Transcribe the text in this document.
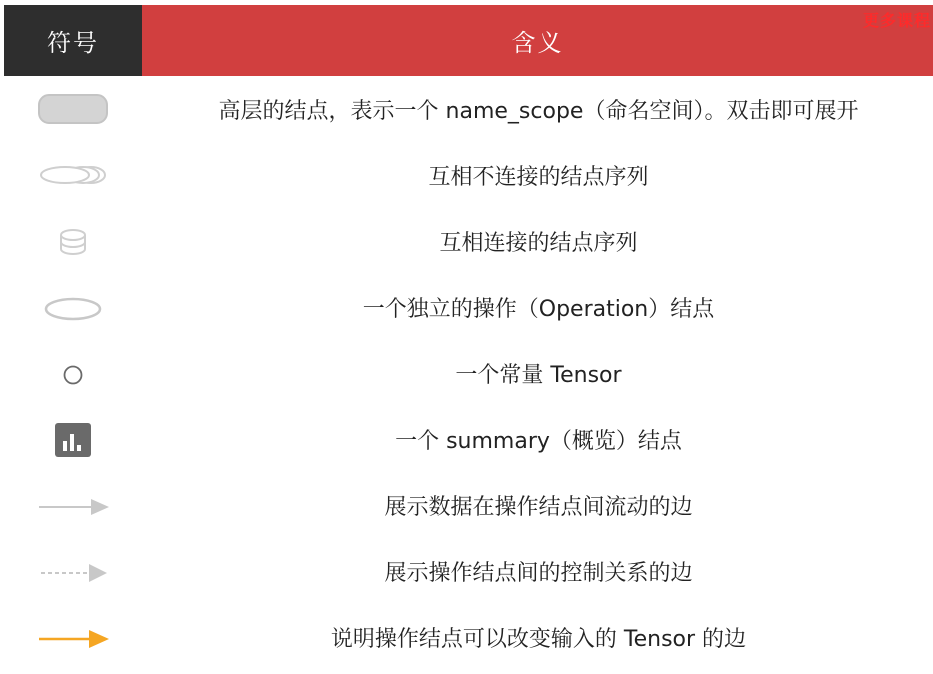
符号	含义
更多课程
高层的结点，表示一个 name_scope（命名空间）。双击即可展开
互相不连接的结点序列
互相连接的结点序列
一个独立的操作（Operation）结点
一个常量 Tensor
一个 summary（概览）结点
展示数据在操作结点间流动的边
展示操作结点间的控制关系的边
说明操作结点可以改变输入的 Tensor 的边
